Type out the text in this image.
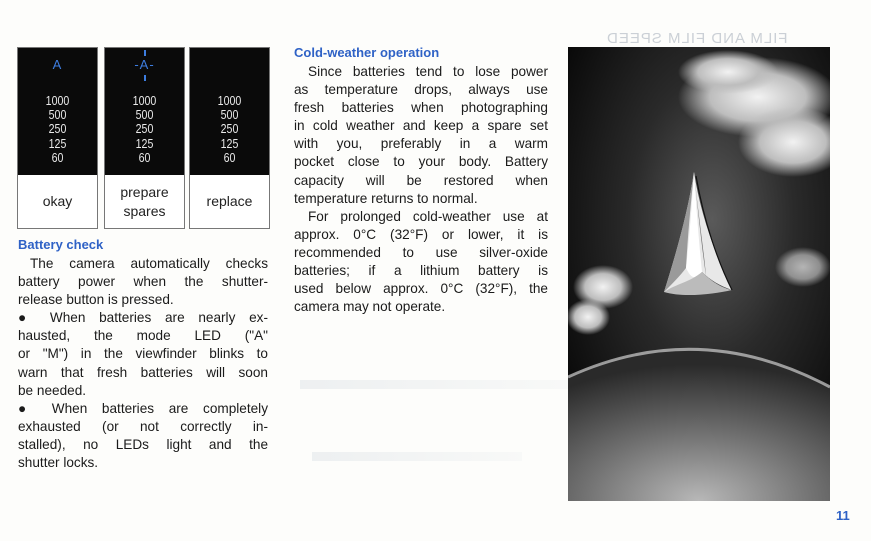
FILM AND FILM SPEED
A
1000
500
250
125
60
okay
-A-
1000
500
250
125
60
prepare
spares
1000
500
250
125
60
replace
Battery check
The camera automatically checks
battery power when the shutter-
release button is pressed.
● When batteries are nearly ex-
hausted, the mode LED ("A"
or "M") in the viewfinder blinks to
warn that fresh batteries will soon
be needed.
● When batteries are completely
exhausted (or not correctly in-
stalled), no LEDs light and the
shutter locks.
Cold-weather operation
Since batteries tend to lose power
as temperature drops, always use
fresh batteries when photographing
in cold weather and keep a spare set
with you, preferably in a warm
pocket close to your body. Battery
capacity will be restored when
temperature returns to normal.
For prolonged cold-weather use at
approx. 0°C (32°F) or lower, it is
recommended to use silver-oxide
batteries; if a lithium battery is
used below approx. 0°C (32°F), the
camera may not operate.
11
